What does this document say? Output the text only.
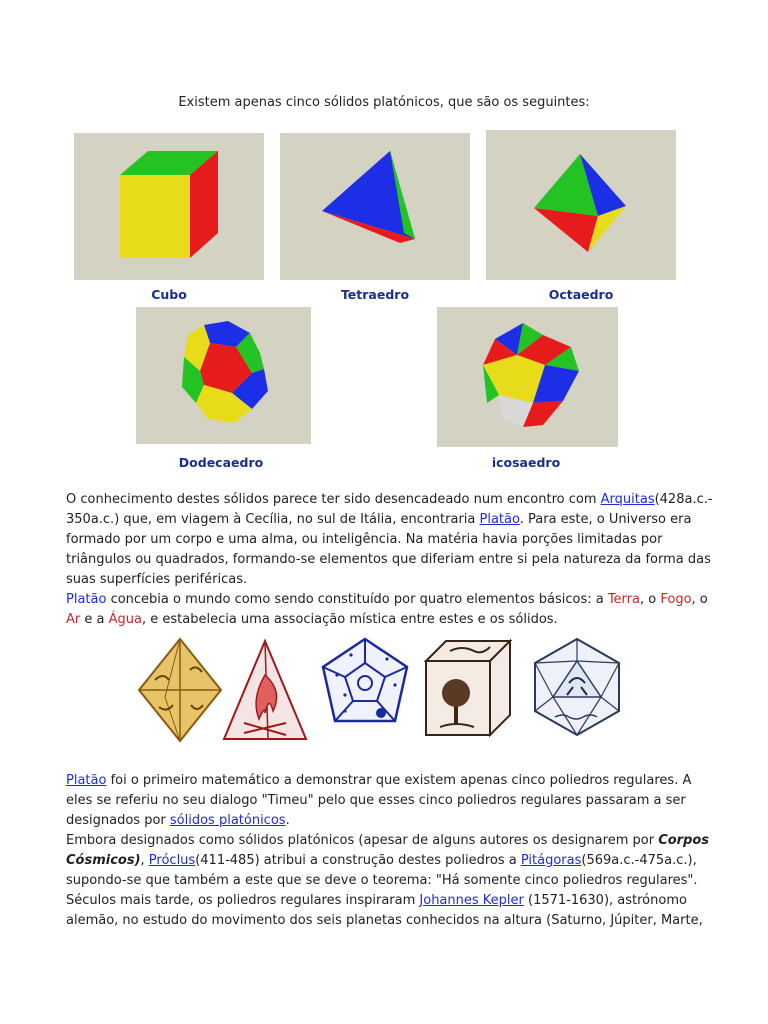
Existem apenas cinco sólidos platónicos, que são os seguintes:
Cubo	Tetraedro	Octaedro
Dodecaedro	icosaedro

O conhecimento destes sólidos parece ter sido desencadeado num encontro com Arquitas(428a.c.-

350a.c.) que, em viagem à Cecília, no sul de Itália, encontraria Platão. Para este, o Universo era

formado por um corpo e uma alma, ou inteligência. Na matéria havia porções limitadas por

triângulos ou quadrados, formando-se elementos que diferiam entre si pela natureza da forma das

suas superfícies periféricas.

Platão concebia o mundo como sendo constituído por quatro elementos básicos: a Terra, o Fogo, o

Ar e a Água, e estabelecia uma associação mística entre estes e os sólidos.

Platão foi o primeiro matemático a demonstrar que existem apenas cinco poliedros regulares. A

eles se referiu no seu dialogo "Timeu" pelo que esses cinco poliedros regulares passaram a ser

designados por sólidos platónicos.

Embora designados como sólidos platónicos (apesar de alguns autores os designarem por Corpos

Cósmicos), Próclus(411-485) atribui a construção destes poliedros a Pitágoras(569a.c.-475a.c.),

supondo-se que também a este que se deve o teorema: "Há somente cinco poliedros regulares".

Séculos mais tarde, os poliedros regulares inspiraram Johannes Kepler (1571-1630), astrónomo

alemão, no estudo do movimento dos seis planetas conhecidos na altura (Saturno, Júpiter, Marte,
